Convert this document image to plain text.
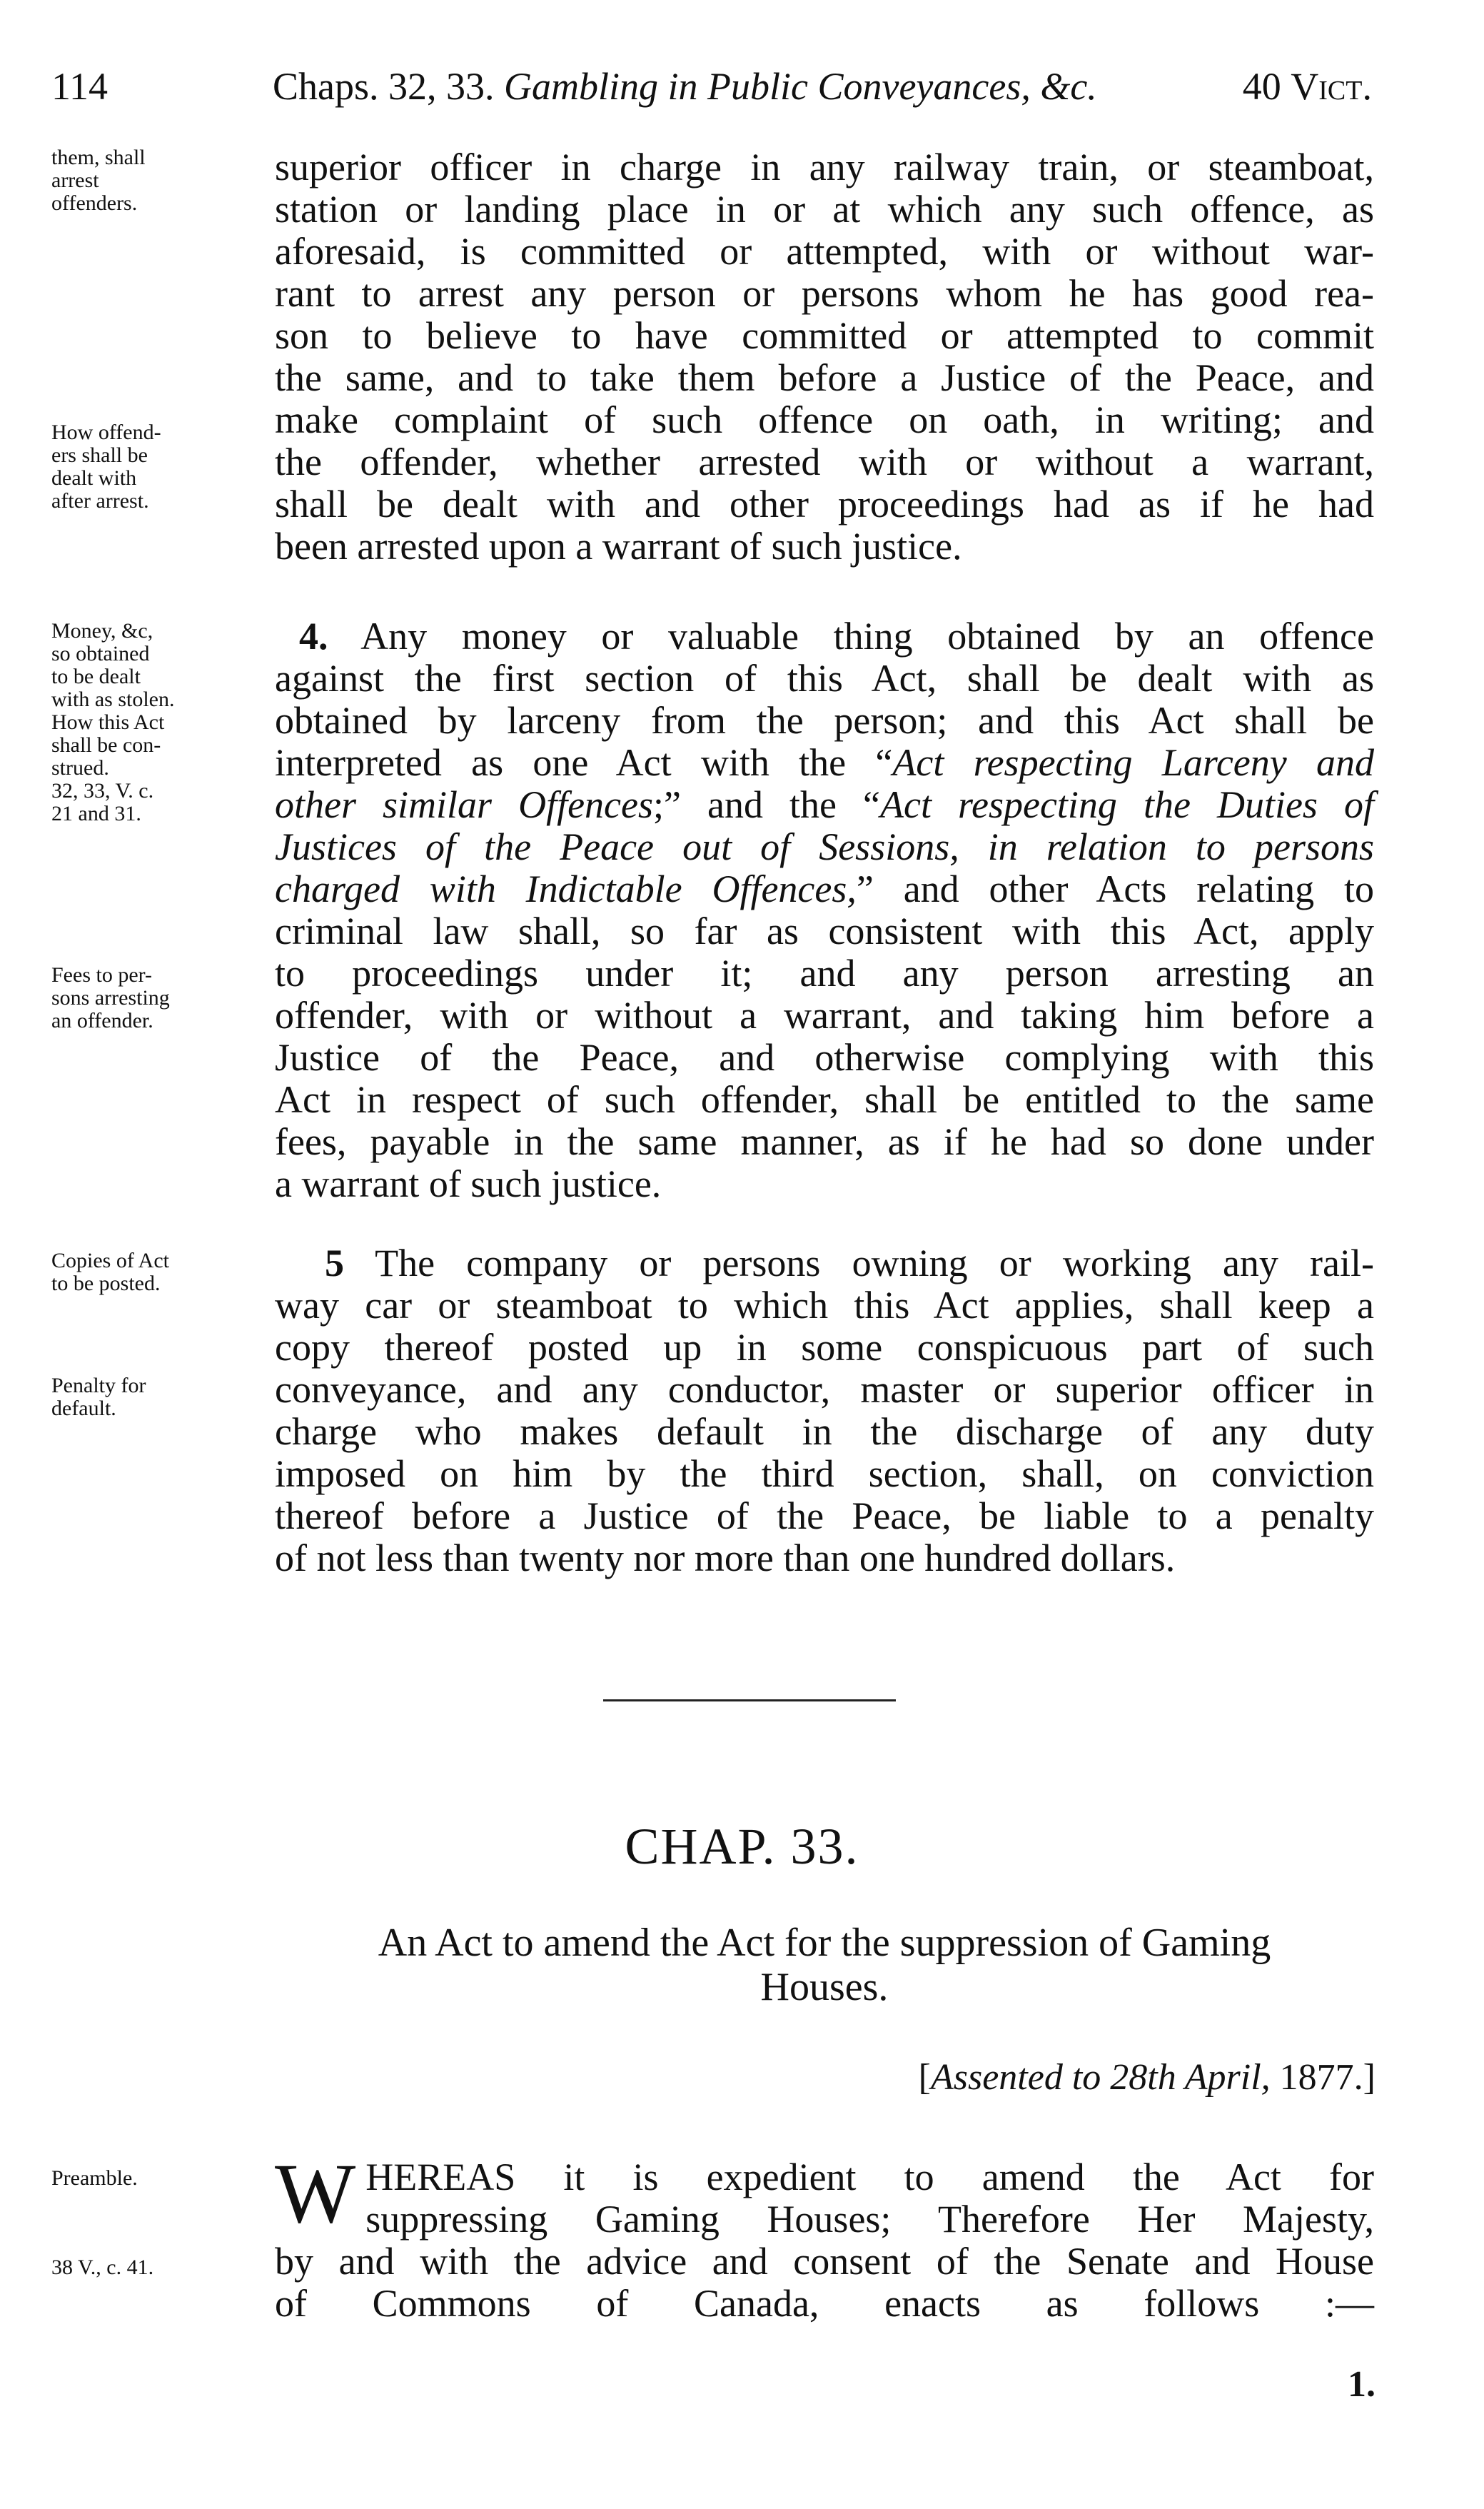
114	Chaps. 32, 33. Gambling in Public Conveyances, &c.	40 Vict.
them, shall
arrest
offenders.
How offend-
ers shall be
dealt with
after arrest.
Money, &c,
so obtained
to be dealt
with as stolen.
How this Act
shall be con-
strued.
32, 33, V. c.
21 and 31.
Fees to per-
sons arresting
an offender.
Copies of Act
to be posted.
Penalty for
default.
Preamble.
38 V., c. 41.
superior officer in charge in any railway train, or steamboat,
station or landing place in or at which any such offence, as
aforesaid, is committed or attempted, with or without war-
rant to arrest any person or persons whom he has good rea-
son to believe to have committed or attempted to commit
the same, and to take them before a Justice of the Peace, and
make complaint of such offence on oath, in writing; and
the offender, whether arrested with or without a warrant,
shall be dealt with and other proceedings had as if he had
been arrested upon a warrant of such justice.
4. Any money or valuable thing obtained by an offence
against the first section of this Act, shall be dealt with as
obtained by larceny from the person; and this Act shall be
interpreted as one Act with the “Act respecting Larceny and
other similar Offences;” and the “Act respecting the Duties of
Justices of the Peace out of Sessions, in relation to persons
charged with Indictable Offences,” and other Acts relating to
criminal law shall, so far as consistent with this Act, apply
to proceedings under it; and any person arresting an
offender, with or without a warrant, and taking him before a
Justice of the Peace, and otherwise complying with this
Act in respect of such offender, shall be entitled to the same
fees, payable in the same manner, as if he had so done under
a warrant of such justice.
5 The company or persons owning or working any rail-
way car or steamboat to which this Act applies, shall keep a
copy thereof posted up in some conspicuous part of such
conveyance, and any conductor, master or superior officer in
charge who makes default in the discharge of any duty
imposed on him by the third section, shall, on conviction
thereof before a Justice of the Peace, be liable to a penalty
of not less than twenty nor more than one hundred dollars.
CHAP. 33.
An Act to amend the Act for the suppression of Gaming
Houses.
[Assented to 28th April, 1877.]
W HEREAS it is expedient to amend the Act for
suppressing Gaming Houses; Therefore Her Majesty,
by and with the advice and consent of the Senate and House
of Commons of Canada, enacts as follows :—
1.
